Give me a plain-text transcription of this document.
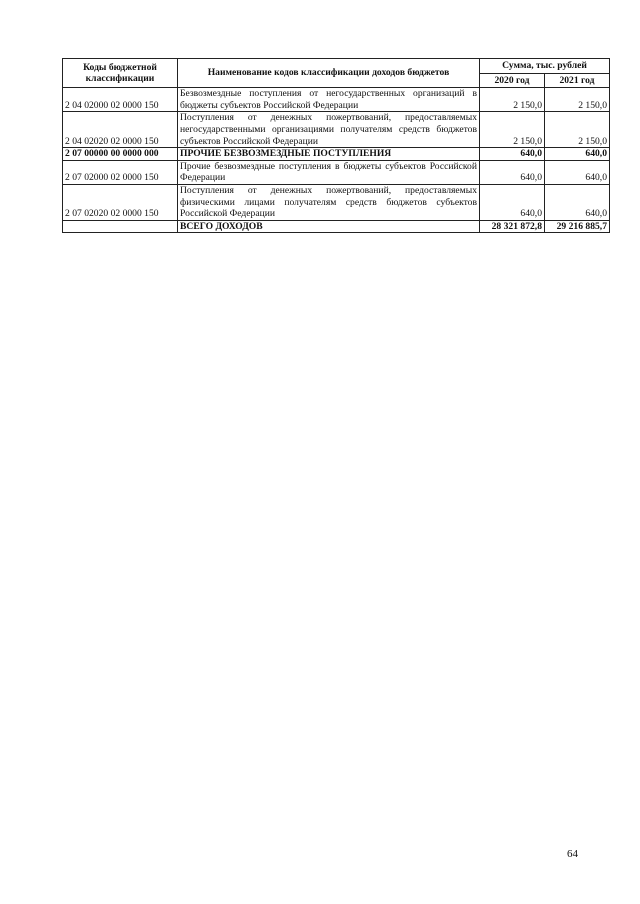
Коды бюджетной классификации	Наименование кодов классификации доходов бюджетов	Сумма, тыс. рублей	
		2020 год	2021 год
2 04 02000 02 0000 150	Безвозмездные поступления от негосударственных организаций в бюджеты субъектов Российской Федерации	2 150,0	2 150,0
2 04 02020 02 0000 150	Поступления от денежных пожертвований, предоставляемых негосударственными организациями получателям средств бюджетов субъектов Российской Федерации	2 150,0	2 150,0
2 07 00000 00 0000 000	ПРОЧИЕ БЕЗВОЗМЕЗДНЫЕ ПОСТУПЛЕНИЯ	640,0	640,0
2 07 02000 02 0000 150	Прочие безвозмездные поступления в бюджеты субъектов Российской Федерации	640,0	640,0
2 07 02020 02 0000 150	Поступления от денежных пожертвований, предоставляемых физическими лицами получателям средств бюджетов субъектов Российской Федерации	640,0	640,0
	ВСЕГО ДОХОДОВ	28 321 872,8	29 216 885,7
64
